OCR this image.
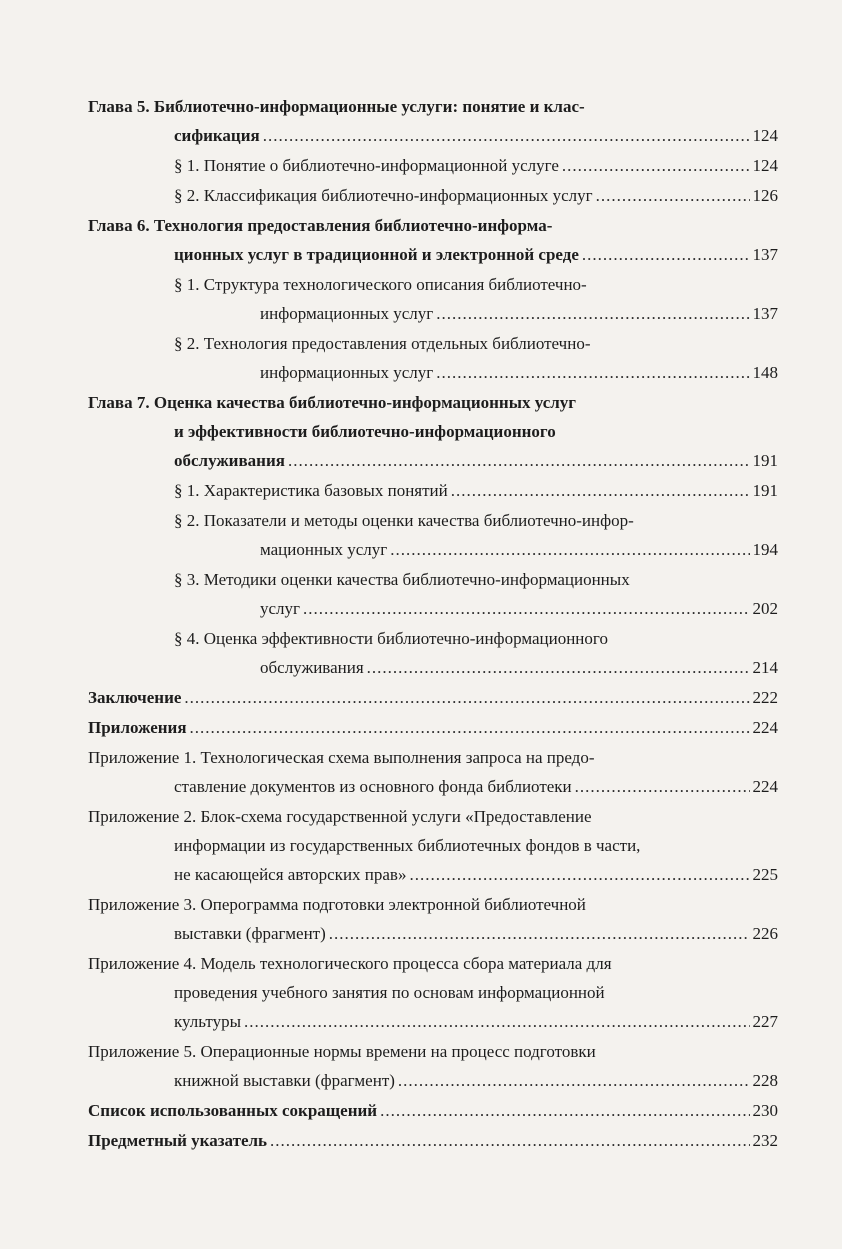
Глава 5. Библиотечно-информационные услуги: понятие и клас-
сификация .....	124
§ 1. Понятие о библиотечно-информационной услуге .....	124
§ 2. Классификация библиотечно-информационных услуг .....	126
Глава 6. Технология предоставления библиотечно-информа-
ционных услуг в традиционной и электронной среде .....	137
§ 1. Структура технологического описания библиотечно-
информационных услуг .....	137
§ 2. Технология предоставления отдельных библиотечно-
информационных услуг .....	148
Глава 7. Оценка качества библиотечно-информационных услуг
и эффективности библиотечно-информационного
обслуживания .....	191
§ 1. Характеристика базовых понятий .....	191
§ 2. Показатели и методы оценки качества библиотечно-инфор-
мационных услуг .....	194
§ 3. Методики оценки качества библиотечно-информационных
услуг .....	202
§ 4. Оценка эффективности библиотечно-информационного
обслуживания .....	214
Заключение .....	222
Приложения .....	224
Приложение 1. Технологическая схема выполнения запроса на предо-
ставление документов из основного фонда библиотеки .....	224
Приложение 2. Блок-схема государственной услуги «Предоставление
информации из государственных библиотечных фондов в части,
не касающейся авторских прав» .....	225
Приложение 3. Оперограмма подготовки электронной библиотечной
выставки (фрагмент) .....	226
Приложение 4. Модель технологического процесса сбора материала для
проведения учебного занятия по основам информационной
культуры .....	227
Приложение 5. Операционные нормы времени на процесс подготовки
книжной выставки (фрагмент) .....	228
Список использованных сокращений .....	230
Предметный указатель .....	232
